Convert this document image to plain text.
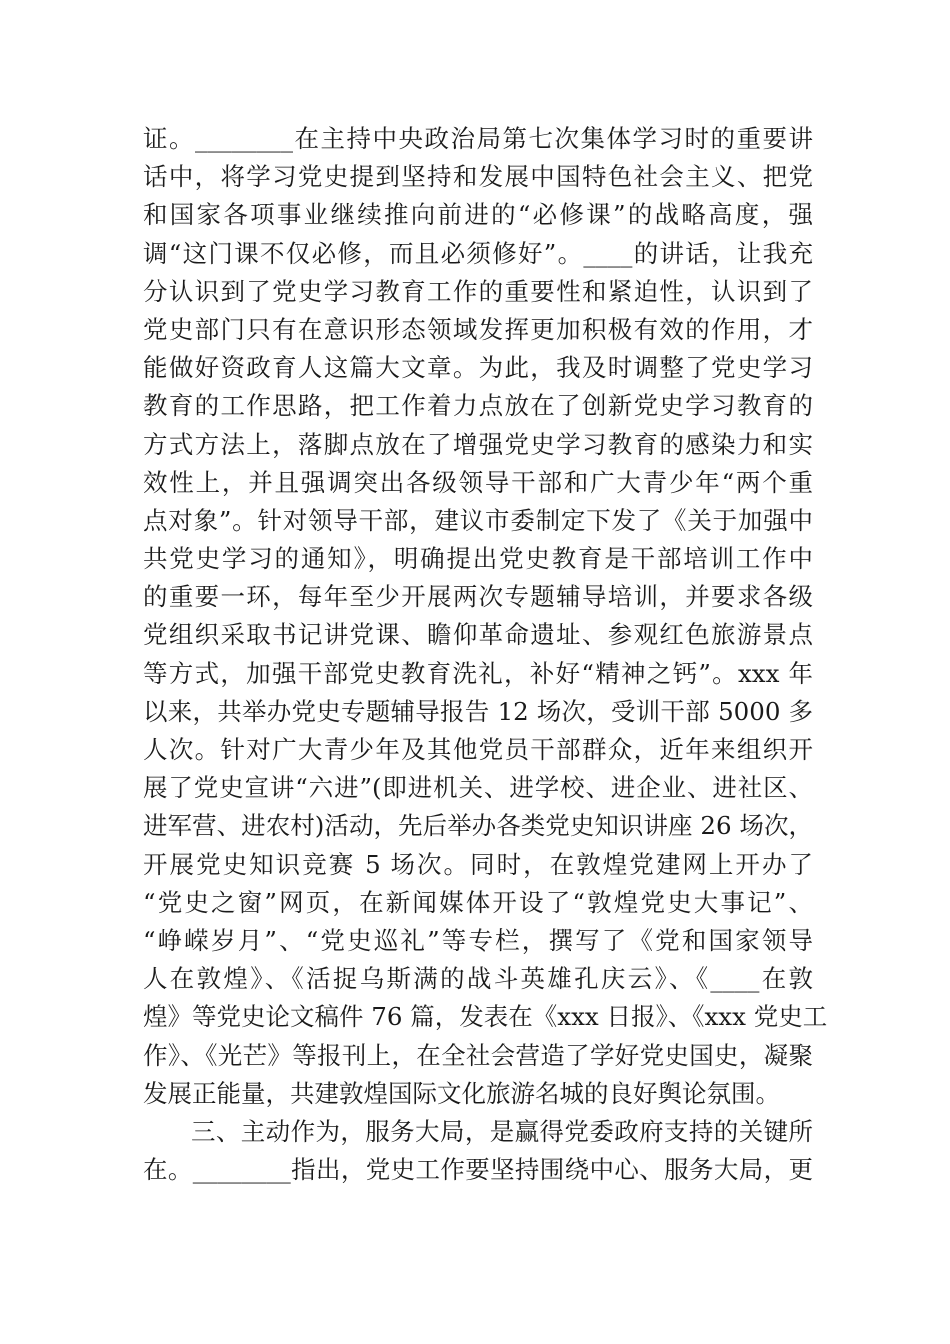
证。________在主持中央政治局第七次集体学习时的重要讲
话中，将学习党史提到坚持和发展中国特色社会主义、把党
和国家各项事业继续推向前进的“必修课”的战略高度，强
调“这门课不仅必修，而且必须修好”。____的讲话，让我充
分认识到了党史学习教育工作的重要性和紧迫性，认识到了
党史部门只有在意识形态领域发挥更加积极有效的作用，才
能做好资政育人这篇大文章。为此，我及时调整了党史学习
教育的工作思路，把工作着力点放在了创新党史学习教育的
方式方法上，落脚点放在了增强党史学习教育的感染力和实
效性上，并且强调突出各级领导干部和广大青少年“两个重
点对象”。针对领导干部，建议市委制定下发了《关于加强中
共党史学习的通知》，明确提出党史教育是干部培训工作中
的重要一环，每年至少开展两次专题辅导培训，并要求各级
党组织采取书记讲党课、瞻仰革命遗址、参观红色旅游景点
等方式，加强干部党史教育洗礼，补好“精神之钙”。xxx 年
以来，共举办党史专题辅导报告 12 场次，受训干部 5000 多
人次。针对广大青少年及其他党员干部群众，近年来组织开
展了党史宣讲“六进”(即进机关、进学校、进企业、进社区、
进军营、进农村)活动，先后举办各类党史知识讲座 26 场次，
开展党史知识竞赛 5 场次。同时，在敦煌党建网上开办了
“党史之窗”网页，在新闻媒体开设了“敦煌党史大事记”、
“峥嵘岁月”、“党史巡礼”等专栏，撰写了《党和国家领导
人在敦煌》、《活捉乌斯满的战斗英雄孔庆云》、《____在敦
煌》等党史论文稿件 76 篇，发表在《xxx 日报》、《xxx 党史工
作》、《光芒》等报刊上，在全社会营造了学好党史国史，凝聚
发展正能量，共建敦煌国际文化旅游名城的良好舆论氛围。
三、主动作为，服务大局，是赢得党委政府支持的关键所
在。________指出，党史工作要坚持围绕中心、服务大局，更
